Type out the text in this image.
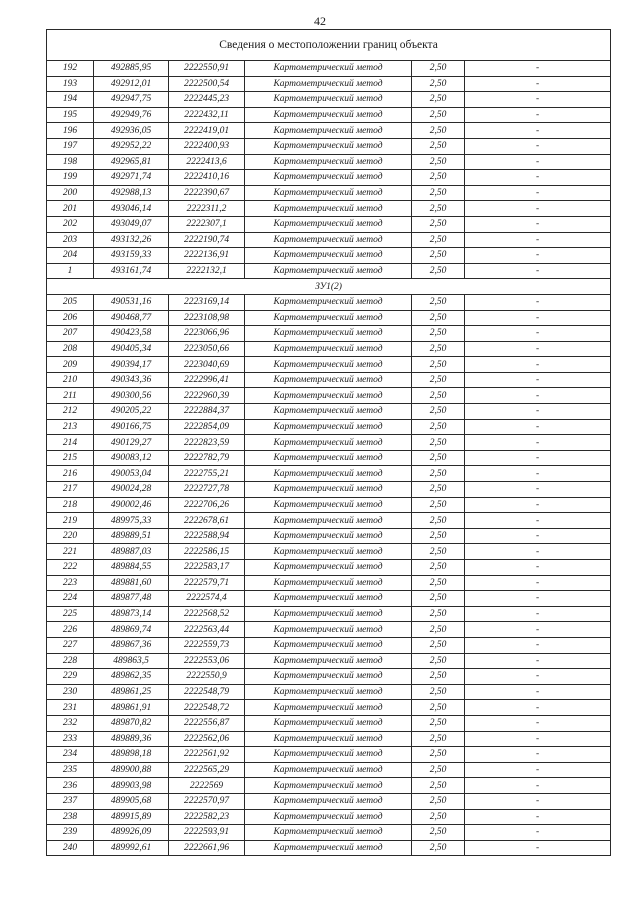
42
Сведения о местоположении границ объекта					
192	492885,95	2222550,91	Картометрический метод	2,50	-
193	492912,01	2222500,54	Картометрический метод	2,50	-
194	492947,75	2222445,23	Картометрический метод	2,50	-
195	492949,76	2222432,11	Картометрический метод	2,50	-
196	492936,05	2222419,01	Картометрический метод	2,50	-
197	492952,22	2222400,93	Картометрический метод	2,50	-
198	492965,81	2222413,6	Картометрический метод	2,50	-
199	492971,74	2222410,16	Картометрический метод	2,50	-
200	492988,13	2222390,67	Картометрический метод	2,50	-
201	493046,14	2222311,2	Картометрический метод	2,50	-
202	493049,07	2222307,1	Картометрический метод	2,50	-
203	493132,26	2222190,74	Картометрический метод	2,50	-
204	493159,33	2222136,91	Картометрический метод	2,50	-
1	493161,74	2222132,1	Картометрический метод	2,50	-
ЗУ1(2)					
205	490531,16	2223169,14	Картометрический метод	2,50	-
206	490468,77	2223108,98	Картометрический метод	2,50	-
207	490423,58	2223066,96	Картометрический метод	2,50	-
208	490405,34	2223050,66	Картометрический метод	2,50	-
209	490394,17	2223040,69	Картометрический метод	2,50	-
210	490343,36	2222996,41	Картометрический метод	2,50	-
211	490300,56	2222960,39	Картометрический метод	2,50	-
212	490205,22	2222884,37	Картометрический метод	2,50	-
213	490166,75	2222854,09	Картометрический метод	2,50	-
214	490129,27	2222823,59	Картометрический метод	2,50	-
215	490083,12	2222782,79	Картометрический метод	2,50	-
216	490053,04	2222755,21	Картометрический метод	2,50	-
217	490024,28	2222727,78	Картометрический метод	2,50	-
218	490002,46	2222706,26	Картометрический метод	2,50	-
219	489975,33	2222678,61	Картометрический метод	2,50	-
220	489889,51	2222588,94	Картометрический метод	2,50	-
221	489887,03	2222586,15	Картометрический метод	2,50	-
222	489884,55	2222583,17	Картометрический метод	2,50	-
223	489881,60	2222579,71	Картометрический метод	2,50	-
224	489877,48	2222574,4	Картометрический метод	2,50	-
225	489873,14	2222568,52	Картометрический метод	2,50	-
226	489869,74	2222563,44	Картометрический метод	2,50	-
227	489867,36	2222559,73	Картометрический метод	2,50	-
228	489863,5	2222553,06	Картометрический метод	2,50	-
229	489862,35	2222550,9	Картометрический метод	2,50	-
230	489861,25	2222548,79	Картометрический метод	2,50	-
231	489861,91	2222548,72	Картометрический метод	2,50	-
232	489870,82	2222556,87	Картометрический метод	2,50	-
233	489889,36	2222562,06	Картометрический метод	2,50	-
234	489898,18	2222561,92	Картометрический метод	2,50	-
235	489900,88	2222565,29	Картометрический метод	2,50	-
236	489903,98	2222569	Картометрический метод	2,50	-
237	489905,68	2222570,97	Картометрический метод	2,50	-
238	489915,89	2222582,23	Картометрический метод	2,50	-
239	489926,09	2222593,91	Картометрический метод	2,50	-
240	489992,61	2222661,96	Картометрический метод	2,50	-
